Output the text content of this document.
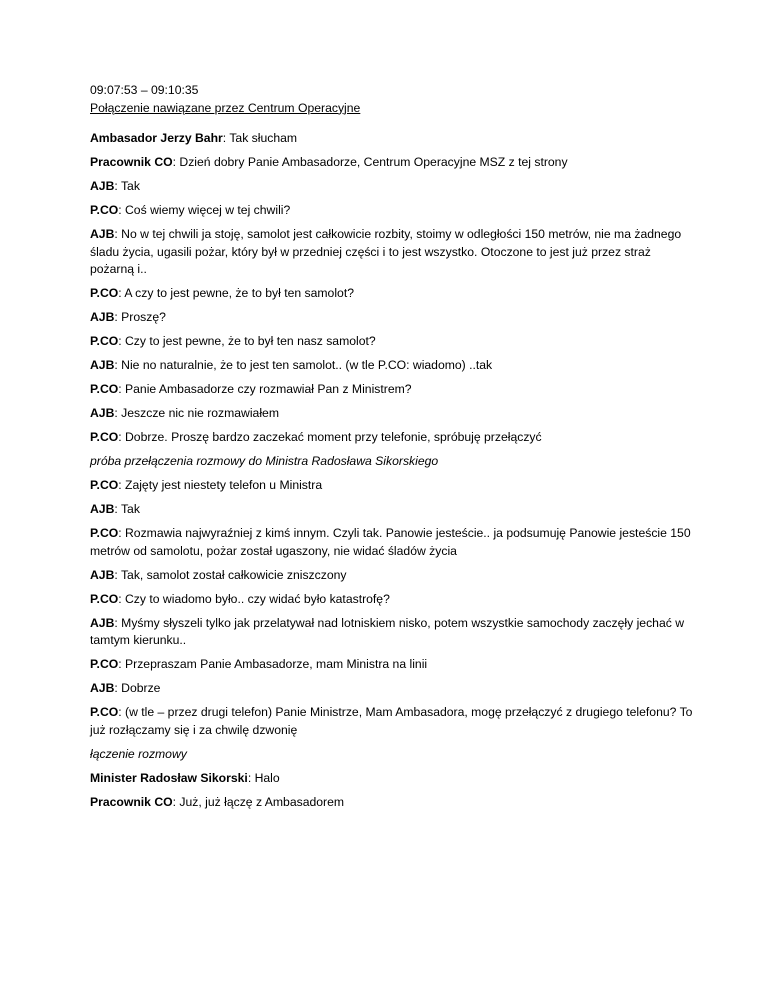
09:07:53 – 09:10:35

Połączenie nawiązane przez Centrum Operacyjne

Ambasador Jerzy Bahr: Tak słucham

Pracownik CO: Dzień dobry Panie Ambasadorze, Centrum Operacyjne MSZ z tej strony

AJB: Tak

P.CO: Coś wiemy więcej w tej chwili?

AJB: No w tej chwili ja stoję, samolot jest całkowicie rozbity, stoimy w odległości 150 metrów, nie ma żadnego śladu życia, ugasili pożar, który był w przedniej części i to jest wszystko. Otoczone to jest już przez straż pożarną i..

P.CO: A czy to jest pewne, że to był ten samolot?

AJB: Proszę?

P.CO: Czy to jest pewne, że to był ten nasz samolot?

AJB: Nie no naturalnie, że to jest ten samolot.. (w tle P.CO: wiadomo) ..tak

P.CO: Panie Ambasadorze czy rozmawiał Pan z Ministrem?

AJB: Jeszcze nic nie rozmawiałem

P.CO: Dobrze. Proszę bardzo zaczekać moment przy telefonie, spróbuję przełączyć

próba przełączenia rozmowy do Ministra Radosława Sikorskiego

P.CO: Zajęty jest niestety telefon u Ministra

AJB: Tak

P.CO: Rozmawia najwyraźniej z kimś innym. Czyli tak. Panowie jesteście.. ja podsumuję Panowie jesteście 150 metrów od samolotu, pożar został ugaszony, nie widać śladów życia

AJB: Tak, samolot został całkowicie zniszczony

P.CO: Czy to wiadomo było.. czy widać było katastrofę?

AJB: Myśmy słyszeli tylko jak przelatywał nad lotniskiem nisko, potem wszystkie samochody zaczęły jechać w tamtym kierunku..

P.CO: Przepraszam Panie Ambasadorze, mam Ministra na linii

AJB: Dobrze

P.CO: (w tle – przez drugi telefon) Panie Ministrze, Mam Ambasadora, mogę przełączyć z drugiego telefonu? To już rozłączamy się i za chwilę dzwonię

łączenie rozmowy

Minister Radosław Sikorski: Halo

Pracownik CO: Już, już łączę z Ambasadorem
